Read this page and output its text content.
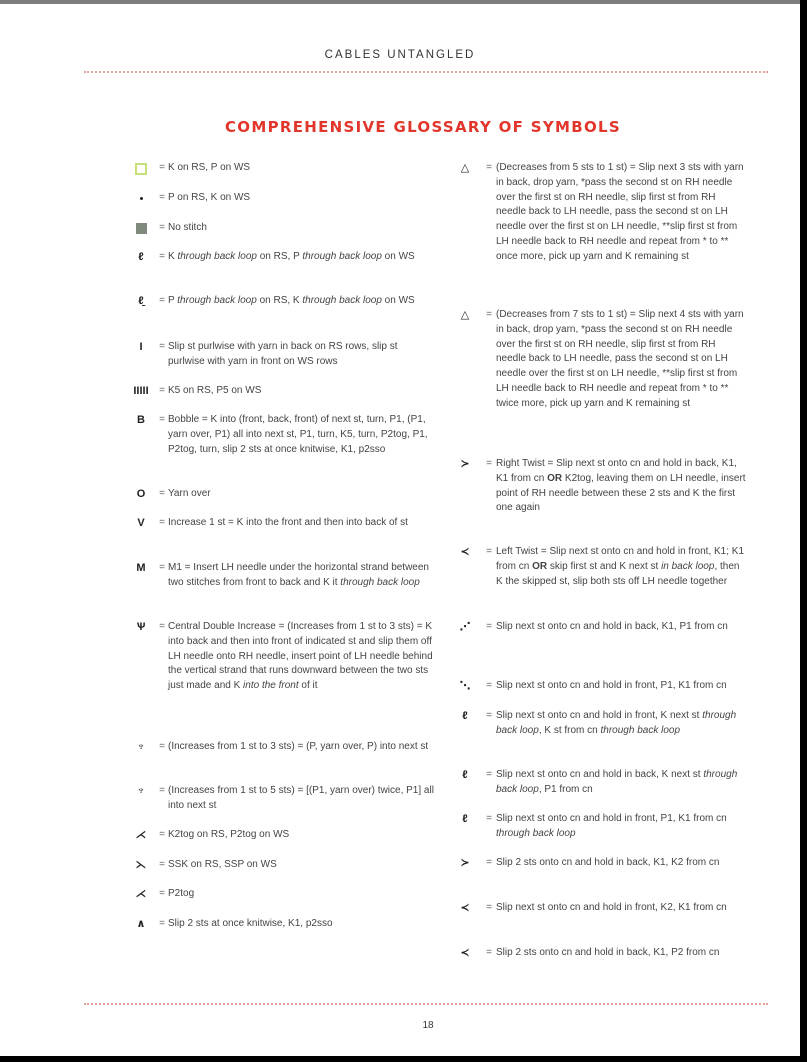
CABLES UNTANGLED
COMPREHENSIVE GLOSSARY OF SYMBOLS
= K on RS, P on WS
= P on RS, K on WS
= No stitch
ℓ	= K through back loop on RS, P through back loop on WS
ℓ̱	= P through back loop on RS, K through back loop on WS
I	= Slip st purlwise with yarn in back on RS rows, slip st purlwise with yarn in front on WS rows
IIIII	= K5 on RS, P5 on WS
B	= Bobble = K into (front, back, front) of next st, turn, P1, (P1, yarn over, P1) all into next st, P1, turn, K5, turn, P2tog, P1, P2tog, turn, slip 2 sts at once knitwise, K1, p2sso
O	= Yarn over
V	= Increase 1 st = K into the front and then into back of st
M	= M1 = Insert LH needle under the horizontal strand between two stitches from front to back and K it through back loop
Ѱ	= Central Double Increase = (Increases from 1 st to 3 sts) = K into back and then into front of indicated st and slip them off LH needle onto RH needle, insert point of LH needle behind the vertical strand that runs downward between the two sts just made and K into the front of it
♆	= (Increases from 1 st to 3 sts) = (P, yarn over, P) into next st
♆	= (Increases from 1 st to 5 sts) = [(P1, yarn over) twice, P1] all into next st
⋌	= K2tog on RS, P2tog on WS
⋋	= SSK on RS, SSP on WS
⋌	= P2tog
∧	= Slip 2 sts at once knitwise, K1, p2sso
△	= (Decreases from 5 sts to 1 st) = Slip next 3 sts with yarn in back, drop yarn, *pass the second st on RH needle over the first st on RH needle, slip first st from RH needle back to LH needle, pass the second st on LH needle over the first st on LH needle, **slip first st from LH needle back to RH needle and repeat from * to ** once more, pick up yarn and K remaining st
△	= (Decreases from 7 sts to 1 st) = Slip next 4 sts with yarn in back, drop yarn, *pass the second st on RH needle over the first st on RH needle, slip first st from RH needle back to LH needle, pass the second st on LH needle over the first st on LH needle, **slip first st from LH needle back to RH needle and repeat from * to ** twice more, pick up yarn and K remaining st
≻	= Right Twist = Slip next st onto cn and hold in back, K1, K1 from cn OR K2tog, leaving them on LH needle, insert point of RH needle between these 2 sts and K the first one again
≺	= Left Twist = Slip next st onto cn and hold in front, K1; K1 from cn OR skip first st and K next st in back loop, then K the skipped st, slip both sts off LH needle together
⋰	= Slip next st onto cn and hold in back, K1, P1 from cn
⋱	= Slip next st onto cn and hold in front, P1, K1 from cn
ℓ	= Slip next st onto cn and hold in front, K next st through back loop, K st from cn through back loop
ℓ	= Slip next st onto cn and hold in back, K next st through back loop, P1 from cn
ℓ	= Slip next st onto cn and hold in front, P1, K1 from cn through back loop
≻	= Slip 2 sts onto cn and hold in back, K1, K2 from cn
≺	= Slip next st onto cn and hold in front, K2, K1 from cn
≺	= Slip 2 sts onto cn and hold in back, K1, P2 from cn
18
